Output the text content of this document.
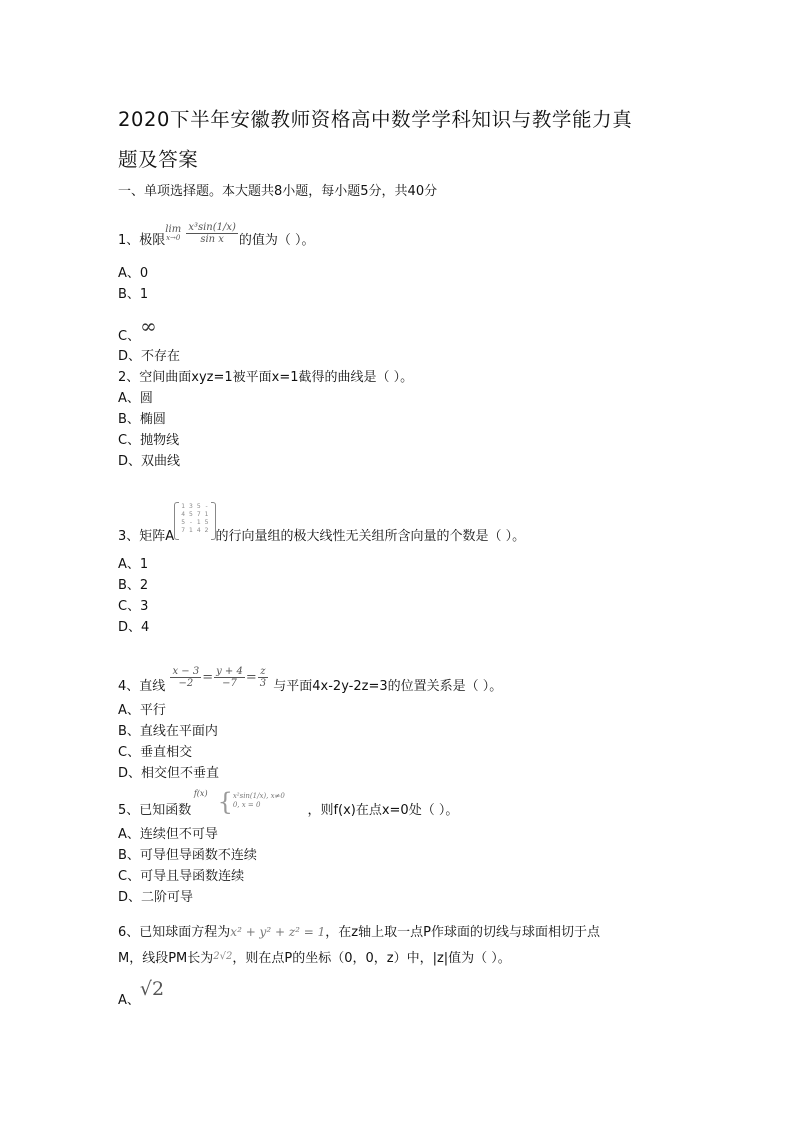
2020下半年安徽教师资格高中数学学科知识与教学能力真
题及答案
一、单项选择题。本大题共8小题，每小题5分，共40分
1、极限
lim
x→0
$\frac{\text{x³sin(1/x)}}{\text{sin x}}$ 的值为（ ）。
A、0
B、1
C、∞
D、不存在
2、空间曲面xyz=1被平面x=1截得的曲线是（ ）。
A、圆
B、椭圆
C、抛物线
D、双曲线
3、矩阵A
1	3	5	-
4	5	7	1
5	-	1	5
7	1	4	2 的行向量组的极大线性无关组所含向量的个数是（ ）。
A、1
B、2
C、3
D、4
4、直线 $\frac{x - 3}{-2} = \frac{y + 4}{-7} = \frac{z}{3}$ 与平面4x-2y-2z=3的位置关系是（ ）。
A、平行
B、直线在平面内
C、垂直相交
D、相交但不垂直
5、已知函数 $^{f(x) \{ x^2sin(1/x), x\ne 0 0, x = 0}$	，则f(x)在点x=0处（ ）。
A、连续但不可导
B、可导但导函数不连续
C、可导且导函数连续
D、二阶可导
6、已知球面方程为x² + y² + z² = 1，在z轴上取一点P作球面的切线与球面相切于点
M，线段PM长为$^{2√2}$，则在点P的坐标（0，0，z）中，|z|值为（ ）。
A、√2
